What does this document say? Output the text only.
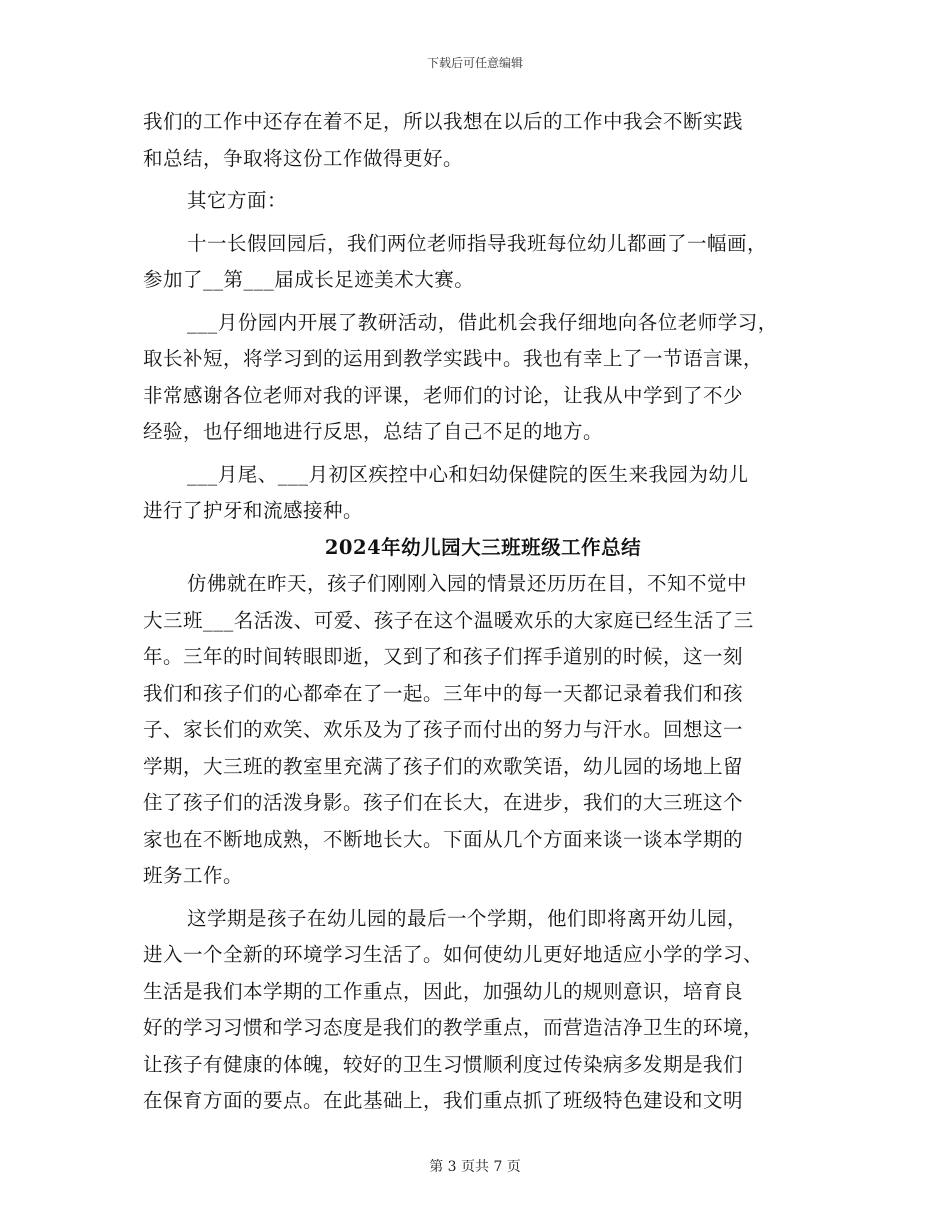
下载后可任意编辑
我们的工作中还存在着不足，所以我想在以后的工作中我会不断实践
和总结，争取将这份工作做得更好。
其它方面：
十一长假回园后，我们两位老师指导我班每位幼儿都画了一幅画，
参加了__第___届成长足迹美术大赛。
___月份园内开展了教研活动，借此机会我仔细地向各位老师学习，
取长补短，将学习到的运用到教学实践中。我也有幸上了一节语言课，
非常感谢各位老师对我的评课，老师们的讨论，让我从中学到了不少
经验，也仔细地进行反思，总结了自己不足的地方。
___月尾、___月初区疾控中心和妇幼保健院的医生来我园为幼儿
进行了护牙和流感接种。
2024年幼儿园大三班班级工作总结
仿佛就在昨天，孩子们刚刚入园的情景还历历在目，不知不觉中
大三班___名活泼、可爱、孩子在这个温暖欢乐的大家庭已经生活了三
年。三年的时间转眼即逝，又到了和孩子们挥手道别的时候，这一刻
我们和孩子们的心都牵在了一起。三年中的每一天都记录着我们和孩
子、家长们的欢笑、欢乐及为了孩子而付出的努力与汗水。回想这一
学期，大三班的教室里充满了孩子们的欢歌笑语，幼儿园的场地上留
住了孩子们的活泼身影。孩子们在长大，在进步，我们的大三班这个
家也在不断地成熟，不断地长大。下面从几个方面来谈一谈本学期的
班务工作。
这学期是孩子在幼儿园的最后一个学期，他们即将离开幼儿园，
进入一个全新的环境学习生活了。如何使幼儿更好地适应小学的学习、
生活是我们本学期的工作重点，因此，加强幼儿的规则意识，培育良
好的学习习惯和学习态度是我们的教学重点，而营造洁净卫生的环境，
让孩子有健康的体魄，较好的卫生习惯顺利度过传染病多发期是我们
在保育方面的要点。在此基础上，我们重点抓了班级特色建设和文明
第 3 页共 7 页
